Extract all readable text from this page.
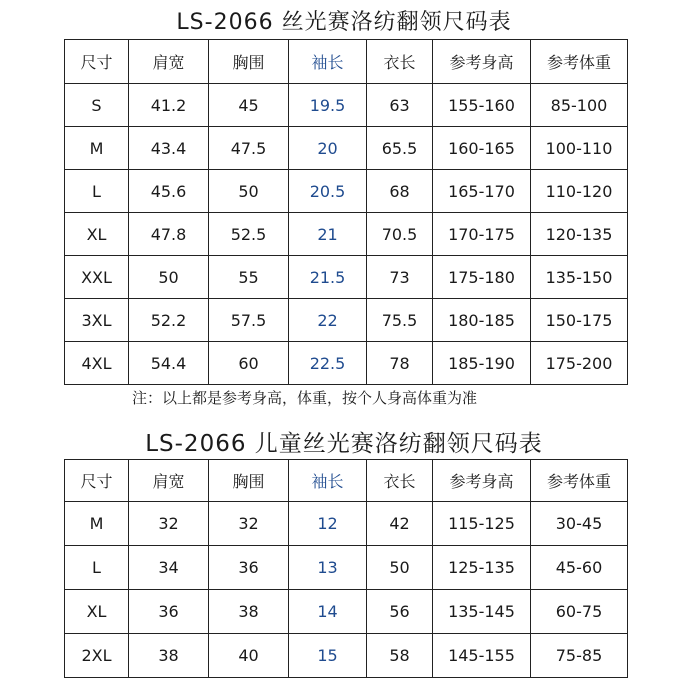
LS-2066 丝光赛洛纺翻领尺码表
尺寸	肩宽	胸围	袖长	衣长	参考身高	参考体重
S	41.2	45	19.5	63	155-160	85-100
M	43.4	47.5	20	65.5	160-165	100-110
L	45.6	50	20.5	68	165-170	110-120
XL	47.8	52.5	21	70.5	170-175	120-135
XXL	50	55	21.5	73	175-180	135-150
3XL	52.2	57.5	22	75.5	180-185	150-175
4XL	54.4	60	22.5	78	185-190	175-200
注：以上都是参考身高，体重，按个人身高体重为准
LS-2066 儿童丝光赛洛纺翻领尺码表
尺寸	肩宽	胸围	袖长	衣长	参考身高	参考体重
M	32	32	12	42	115-125	30-45
L	34	36	13	50	125-135	45-60
XL	36	38	14	56	135-145	60-75
2XL	38	40	15	58	145-155	75-85
